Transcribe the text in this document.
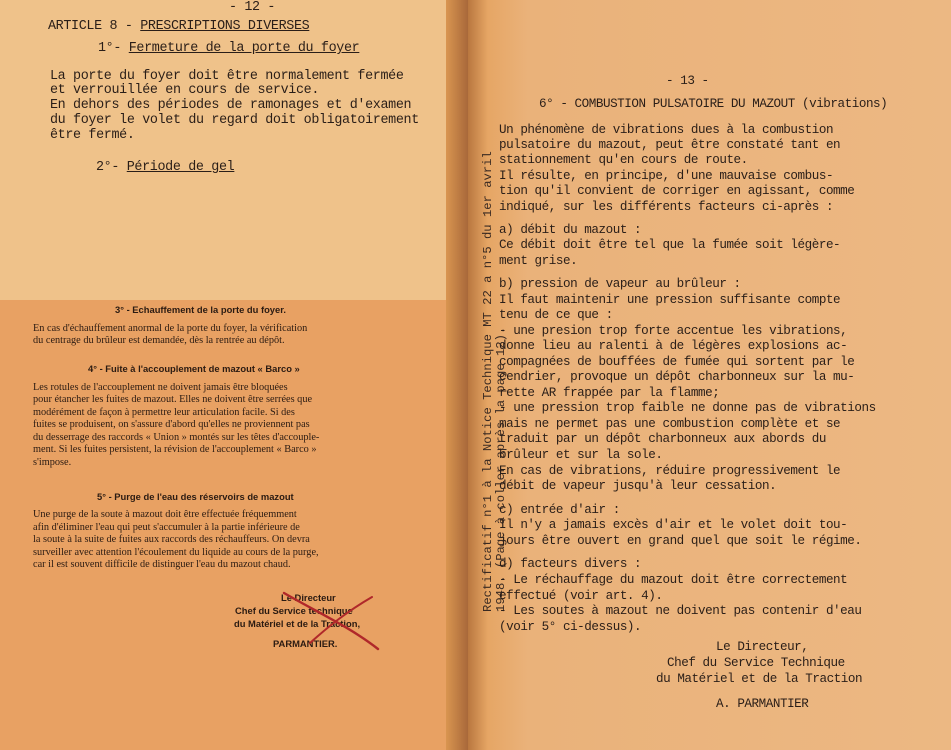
- 12 -
ARTICLE 8 - PRESCRIPTIONS DIVERSES
1°- Fermeture de la porte du foyer
La porte du foyer doit être normalement fermée
et verrouillée en cours de service.
En dehors des périodes de ramonages et d'examen
du foyer le volet du regard doit obligatoirement
être fermé.
2°- Période de gel
3° - Echauffement de la porte du foyer.
En cas d'échauffement anormal de la porte du foyer, la vérification
du centrage du brûleur est demandée, dès la rentrée au dépôt.
4° - Fuite à l'accouplement de mazout « Barco »
Les rotules de l'accouplement ne doivent jamais être bloquées
pour étancher les fuites de mazout. Elles ne doivent être serrées que
modérément de façon à permettre leur articulation facile. Si des
fuites se produisent, on s'assure d'abord qu'elles ne proviennent pas
du desserrage des raccords « Union » montés sur les têtes d'accouple-
ment. Si les fuites persistent, la révision de l'accouplement « Barco »
s'impose.
5° - Purge de l'eau des réservoirs de mazout
Une purge de la soute à mazout doit être effectuée fréquemment
afin d'éliminer l'eau qui peut s'accumuler à la partie inférieure de
la soute à la suite de fuites aux raccords des réchauffeurs. On devra
surveiller avec attention l'écoulement du liquide au cours de la purge,
car il est souvent difficile de distinguer l'eau du mazout chaud.
Le Directeur
Chef du Service technique
du Matériel et de la Traction,
PARMANTIER.
Rectificatif n°1 à la Notice Technique MT 22 a n°5 du 1er avril 1948. (Page à coller après la page 12).
- 13 -
6° - COMBUSTION PULSATOIRE DU MAZOUT (vibrations)
Un phénomène de vibrations dues à la combustion
pulsatoire du mazout, peut être constaté tant en
stationnement qu'en cours de route.
Il résulte, en principe, d'une mauvaise combus-
tion qu'il convient de corriger en agissant, comme
indiqué, sur les différents facteurs ci-après :
a) débit du mazout :
Ce débit doit être tel que la fumée soit légère-
ment grise.
b) pression de vapeur au brûleur :
Il faut maintenir une pression suffisante compte
tenu de ce que :
- une presion trop forte accentue les vibrations,
donne lieu au ralenti à de légères explosions ac-
compagnées de bouffées de fumée qui sortent par le
cendrier, provoque un dépôt charbonneux sur la mu-
rette AR frappée par la flamme;
- une pression trop faible ne donne pas de vibrations
mais ne permet pas une combustion complète et se
traduit par un dépôt charbonneux aux abords du
brûleur et sur la sole.
En cas de vibrations, réduire progressivement le
débit de vapeur jusqu'à leur cessation.
c) entrée d'air :
Il n'y a jamais excès d'air et le volet doit tou-
jours être ouvert en grand quel que soit le régime.
d) facteurs divers :
- Le réchauffage du mazout doit être correctement
effectué (voir art. 4).
- Les soutes à mazout ne doivent pas contenir d'eau
(voir 5° ci-dessus).
Le Directeur,
Chef du Service Technique
du Matériel et de la Traction
A. PARMANTIER
